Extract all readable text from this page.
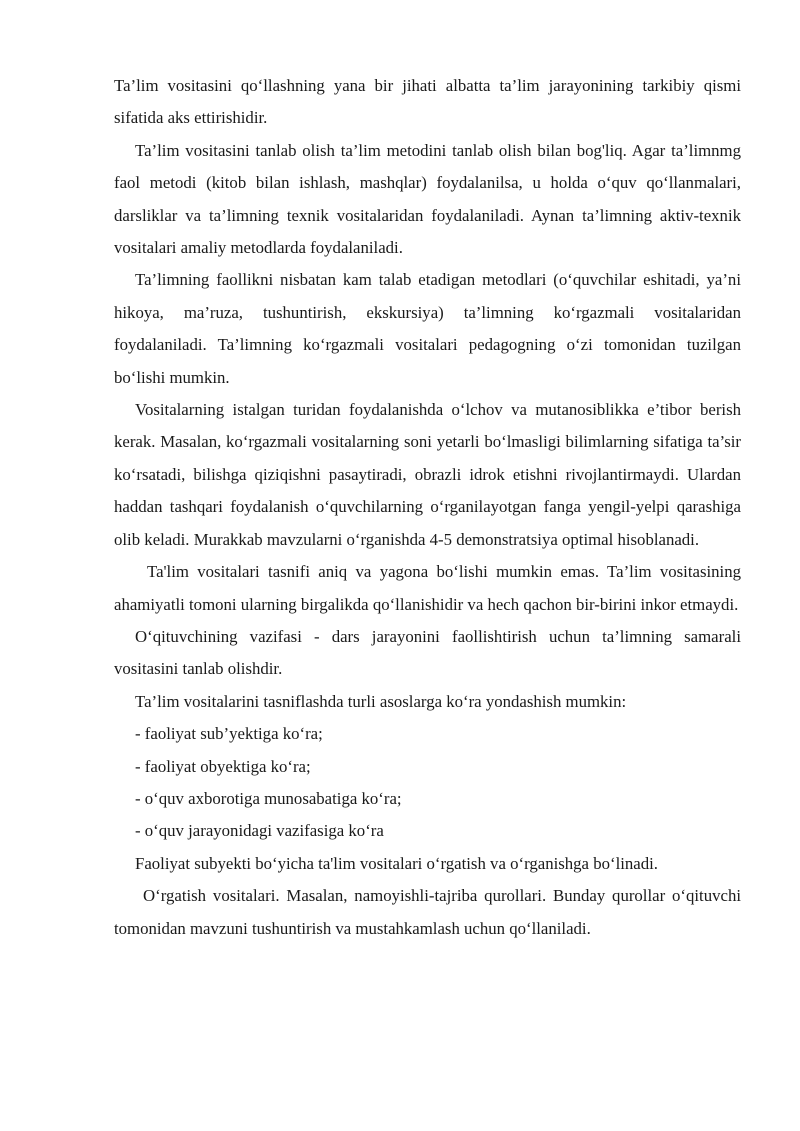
Ta’lim vositasini qo‘llashning yana bir jihati albatta ta’lim jarayonining tarkibiy qismi sifatida aks ettirishidir.

Ta’lim vositasini tanlab olish ta’lim metodini tanlab olish bilan bog'liq. Agar ta’limnmg faol metodi (kitob bilan ishlash, mashqlar) foydalanilsa, u holda o‘quv qo‘llanmalari, darsliklar va ta’limning texnik vositalaridan foydalaniladi. Aynan ta’limning aktiv-texnik vositalari amaliy metodlarda foydalaniladi.

Ta’limning faollikni nisbatan kam talab etadigan metodlari (o‘quvchilar eshitadi, ya’ni hikoya, ma’ruza, tushuntirish, ekskursiya) ta’limning ko‘rgazmali vositalaridan foydalaniladi. Ta’limning ko‘rgazmali vositalari pedagogning o‘zi tomonidan tuzilgan bo‘lishi mumkin.

Vositalarning istalgan turidan foydalanishda o‘lchov va mutanosiblikka e’tibor berish kerak. Masalan, ko‘rgazmali vositalarning soni yetarli bo‘lmasligi bilimlarning sifatiga ta’sir ko‘rsatadi, bilishga qiziqishni pasaytiradi, obrazli idrok etishni rivojlantirmaydi. Ulardan haddan tashqari foydalanish o‘quvchilarning o‘rganilayotgan fanga yengil-yelpi qarashiga olib keladi. Murakkab mavzularni o‘rganishda 4-5 demonstratsiya optimal hisoblanadi.

Ta'lim vositalari tasnifi aniq va yagona bo‘lishi mumkin emas. Ta’lim vositasining ahamiyatli tomoni ularning birgalikda qo‘llanishidir va hech qachon bir-birini inkor etmaydi.

O‘qituvchining vazifasi - dars jarayonini faollishtirish uchun ta’limning samarali vositasini tanlab olishdir.

Ta’lim vositalarini tasniflashda turli asoslarga ko‘ra yondashish mumkin:

- faoliyat sub’yektiga ko‘ra;

- faoliyat obyektiga ko‘ra;

- o‘quv axborotiga munosabatiga ko‘ra;

- o‘quv jarayonidagi vazifasiga ko‘ra

Faoliyat subyekti bo‘yicha ta'lim vositalari o‘rgatish va o‘rganishga bo‘linadi.

O‘rgatish vositalari. Masalan, namoyishli-tajriba qurollari. Bunday qurollar o‘qituvchi tomonidan mavzuni tushuntirish va mustahkamlash uchun qo‘llaniladi.
